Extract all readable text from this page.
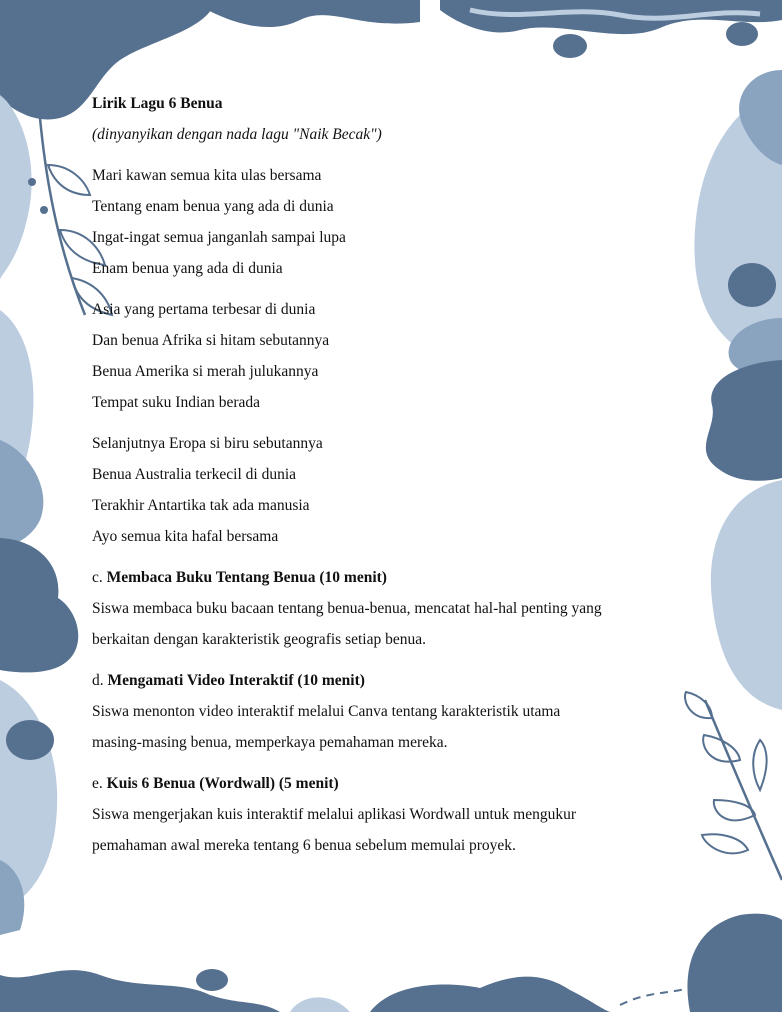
Lirik Lagu 6 Benua
(dinyanyikan dengan nada lagu "Naik Becak")
Mari kawan semua kita ulas bersama
Tentang enam benua yang ada di dunia
Ingat-ingat semua janganlah sampai lupa
Enam benua yang ada di dunia
Asia yang pertama terbesar di dunia
Dan benua Afrika si hitam sebutannya
Benua Amerika si merah julukannya
Tempat suku Indian berada
Selanjutnya Eropa si biru sebutannya
Benua Australia terkecil di dunia
Terakhir Antartika tak ada manusia
Ayo semua kita hafal bersama
c. Membaca Buku Tentang Benua (10 menit)
Siswa membaca buku bacaan tentang benua-benua, mencatat hal-hal penting yang
berkaitan dengan karakteristik geografis setiap benua.
d. Mengamati Video Interaktif (10 menit)
Siswa menonton video interaktif melalui Canva tentang karakteristik utama
masing-masing benua, memperkaya pemahaman mereka.
e. Kuis 6 Benua (Wordwall) (5 menit)
Siswa mengerjakan kuis interaktif melalui aplikasi Wordwall untuk mengukur
pemahaman awal mereka tentang 6 benua sebelum memulai proyek.
